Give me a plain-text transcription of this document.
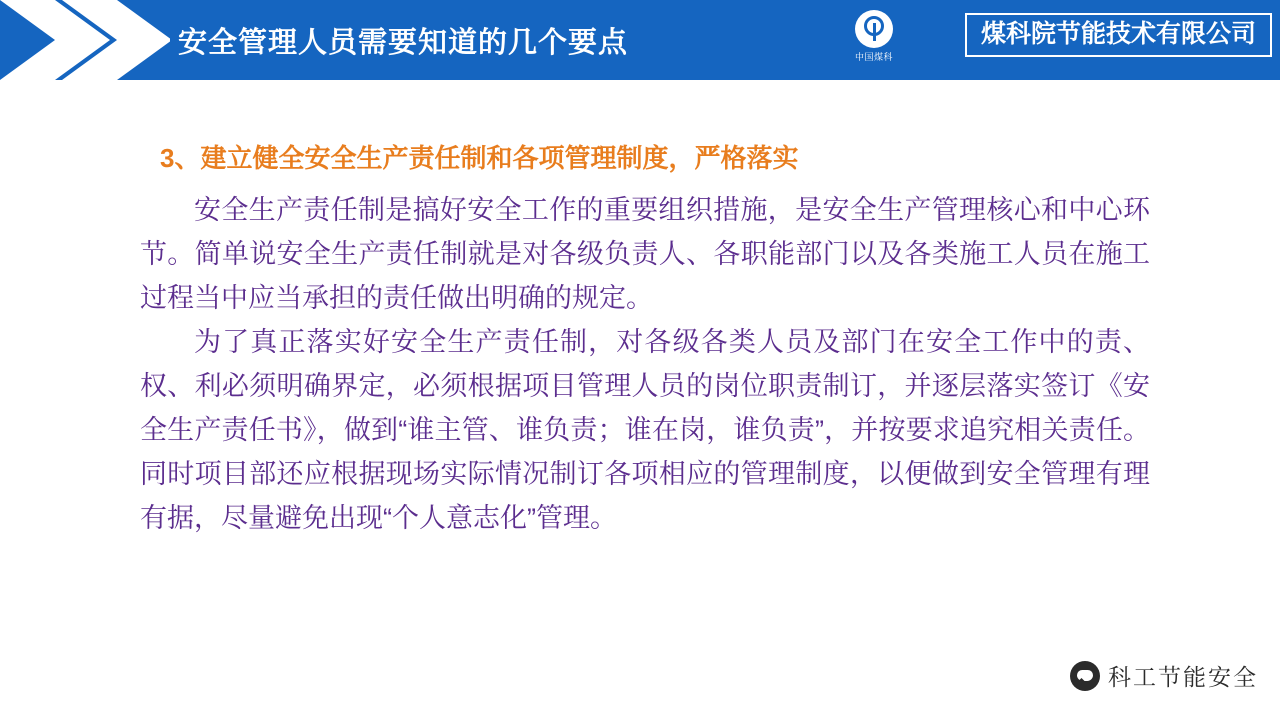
安全管理人员需要知道的几个要点	中国煤科
煤科院节能技术有限公司
3、建立健全安全生产责任制和各项管理制度，严格落实

安全生产责任制是搞好安全工作的重要组织措施，是安全生产管理核心和中心环节。简单说安全生产责任制就是对各级负责人、各职能部门以及各类施工人员在施工过程当中应当承担的责任做出明确的规定。

为了真正落实好安全生产责任制，对各级各类人员及部门在安全工作中的责、权、利必须明确界定，必须根据项目管理人员的岗位职责制订，并逐层落实签订《安全生产责任书》，做到“谁主管、谁负责；谁在岗，谁负责”，并按要求追究相关责任。同时项目部还应根据现场实际情况制订各项相应的管理制度，以便做到安全管理有理有据，尽量避免出现“个人意志化”管理。

科工节能安全
